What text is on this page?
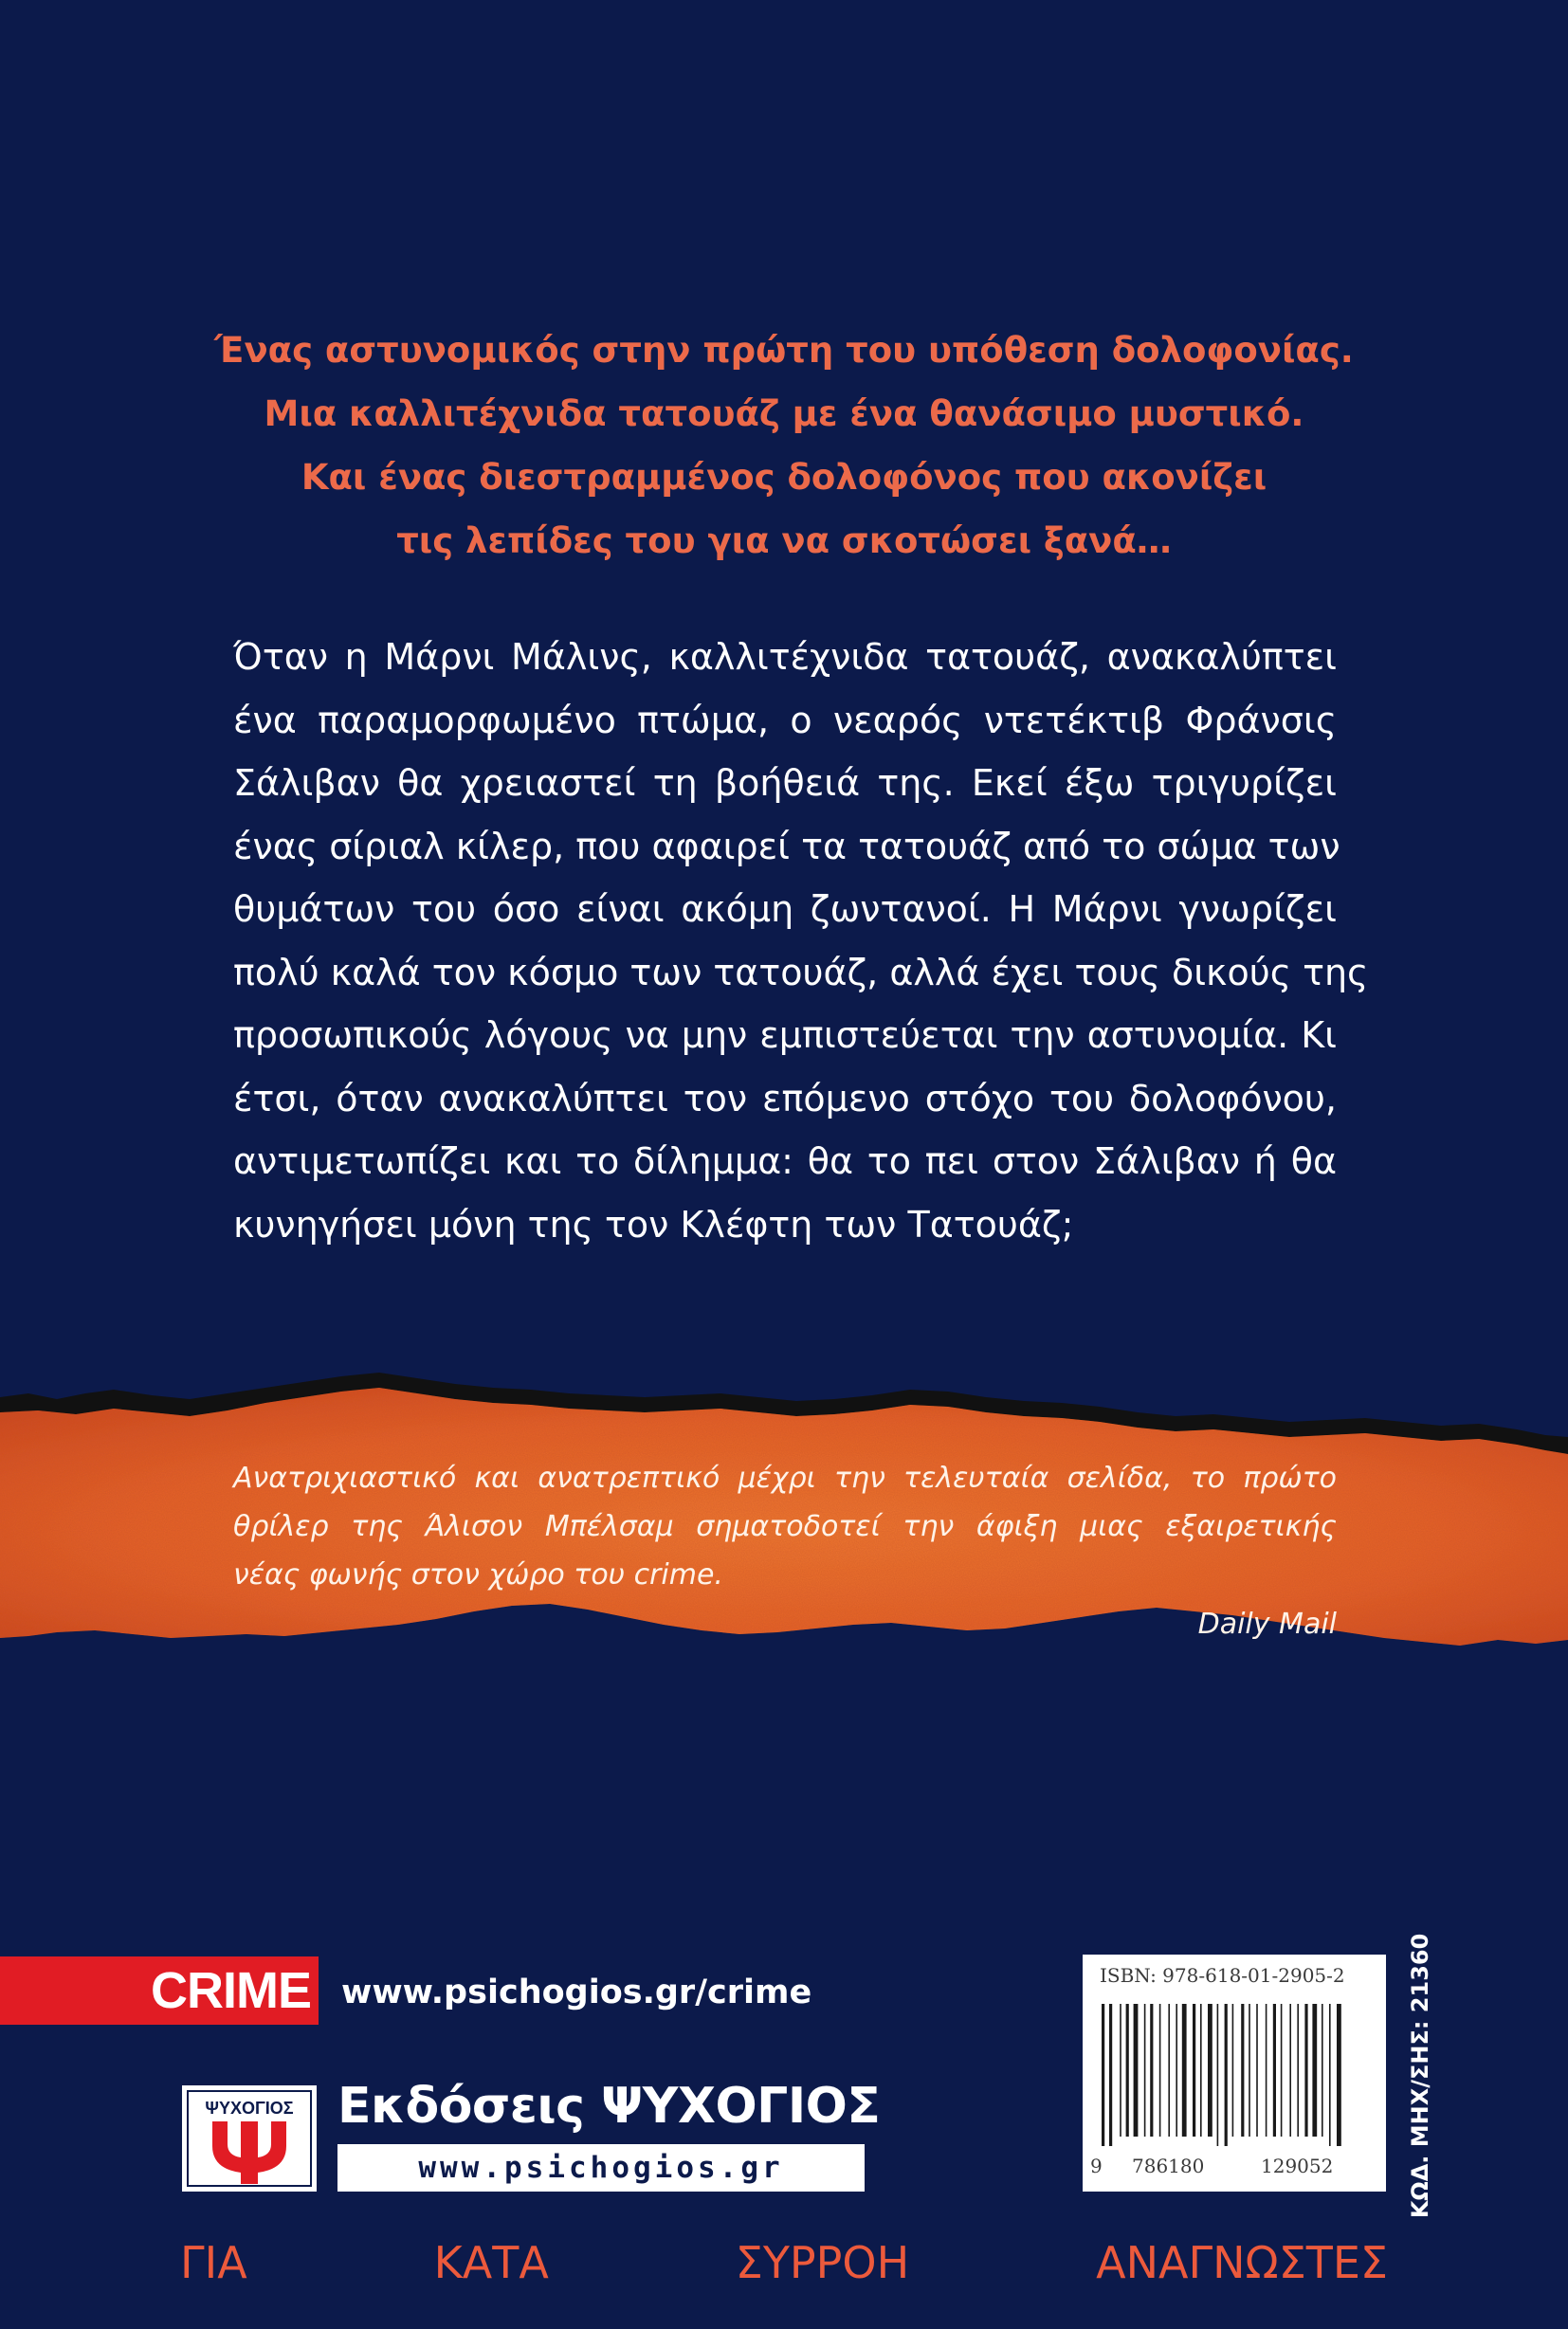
Ένας αστυνομικός στην πρώτη του υπόθεση δολοφονίας.
Μια καλλιτέχνιδα τατουάζ με ένα θανάσιμο μυστικό.
Και ένας διεστραμμένος δολοφόνος που ακονίζει
τις λεπίδες του για να σκοτώσει ξανά…
Όταν η Μάρνι Μάλινς, καλλιτέχνιδα τατουάζ, ανακαλύπτει
ένα παραμορφωμένο πτώμα, ο νεαρός ντετέκτιβ Φράνσις
Σάλιβαν θα χρειαστεί τη βοήθειά της. Εκεί έξω τριγυρίζει
ένας σίριαλ κίλερ, που αφαιρεί τα τατουάζ από το σώμα των
θυμάτων του όσο είναι ακόμη ζωντανοί. Η Μάρνι γνωρίζει
πολύ καλά τον κόσμο των τατουάζ, αλλά έχει τους δικούς της
προσωπικούς λόγους να μην εμπιστεύεται την αστυνομία. Κι
έτσι, όταν ανακαλύπτει τον επόμενο στόχο του δολοφόνου,
αντιμετωπίζει και το δίλημμα: θα το πει στον Σάλιβαν ή θα
κυνηγήσει μόνη της τον Κλέφτη των Τατουάζ;
Ανατριχιαστικό και ανατρεπτικό μέχρι την τελευταία σελίδα, το πρώτο
θρίλερ της Άλισον Μπέλσαμ σηματοδοτεί την άφιξη μιας εξαιρετικής
νέας φωνής στον χώρο του crime.
Daily Mail
CRIME www.psichogios.gr/crime
ΨΥΧΟΓΙΟΣ Εκδόσεις ΨΥΧΟΓΙΟΣ
www.psichogios.gr
ΓΙΑ ΚΑΤΑ ΣΥΡΡΟΗ ΑΝΑΓΝΩΣΤΕΣ
ISBN: 978-618-01-2905-2
9 786180	129052	ΚΩΔ. ΜΗΧ/ΣΗΣ: 21360
